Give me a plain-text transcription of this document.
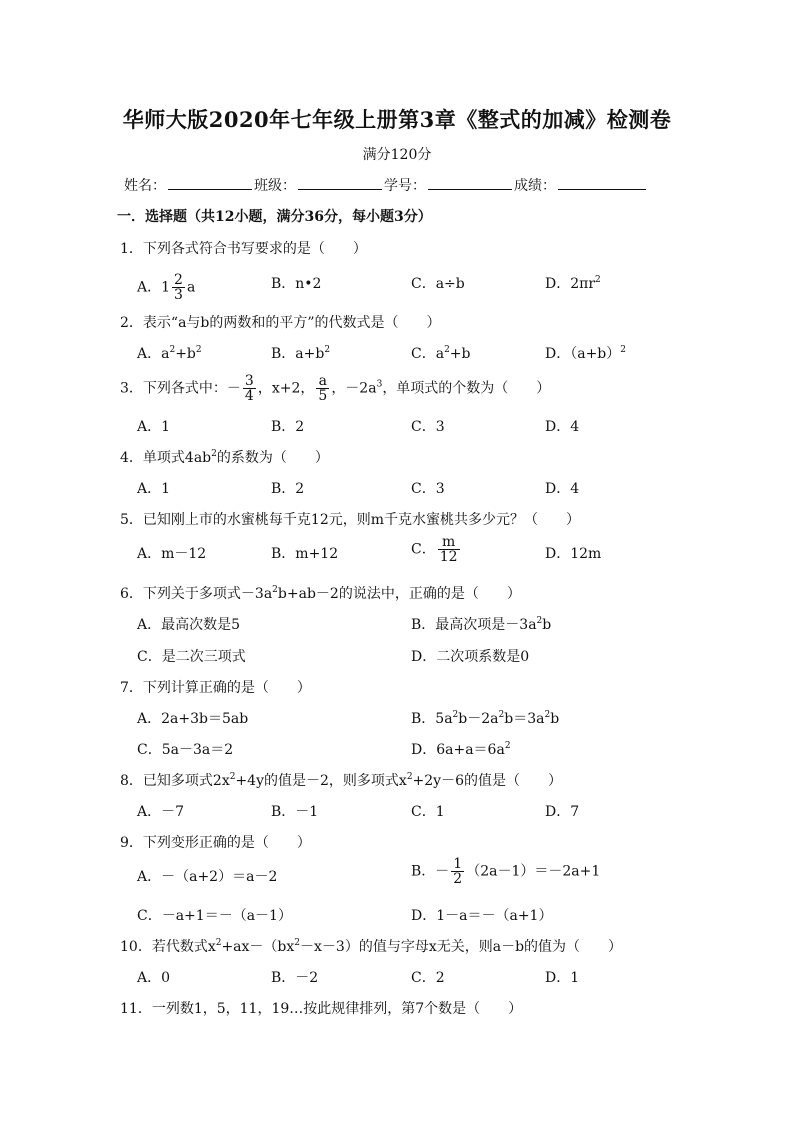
华师大版2020年七年级上册第3章《整式的加减》检测卷
满分120分
姓名：	班级：	学号：	成绩：
一．选择题（共12小题，满分36分，每小题3分）
1．下列各式符合书写要求的是（　　）
A．$1 \frac{2}{3}$ a	B．n•2	C．a÷b	D．$2\pi r^2$
2．表示“a与b的两数和的平方”的代数式是（　　）
A．$a^2+b^2$	B．$a+b^2$	C．$a^2+b$	D．$(a+b)^2$
3．下列各式中：－ $\frac{3}{4}$ ，x+2， $\frac{a}{5}$ ，$-2a^3$，单项式的个数为（　　）
A．1	B．2	C．3	D．4
4．单项式$4ab^2$的系数为（　　）
A．1	B．2	C．3	D．4
5．已知刚上市的水蜜桃每千克12元，则m千克水蜜桃共多少元？（　　）
A．m－12	B．m+12	C． $\frac{m}{12}$	D．12m
6．下列关于多项式$-3a^2b+ab-2$的说法中，正确的是（　　）
A．最高次数是5	B．最高次项是$-3a^2b$
C．是二次三项式	D．二次项系数是0
7．下列计算正确的是（　　）
A．2a+3b＝5ab	B．$5a^2b-2a^2b=3a^2b$
C．5a－3a＝2	D．$6a+a=6a^2$
8．已知多项式$2x^2+4y$的值是－2，则多项式$x^2+2y-6$的值是（　　）
A．－7	B．－1	C．1	D．7
9．下列变形正确的是（　　）
A．－（a+2）＝a－2	B．－ $\frac{1}{2} (2a-1)=-2a+1$
C．－a+1＝－（a－1）	D．1－a＝－（a+1）
10．若代数式$x^2+ax-(bx^2-x-3)$的值与字母x无关，则a－b的值为（　　）
A．0	B．－2	C．2	D．1
11．一列数1，5，11，19…按此规律排列，第7个数是（　　）
